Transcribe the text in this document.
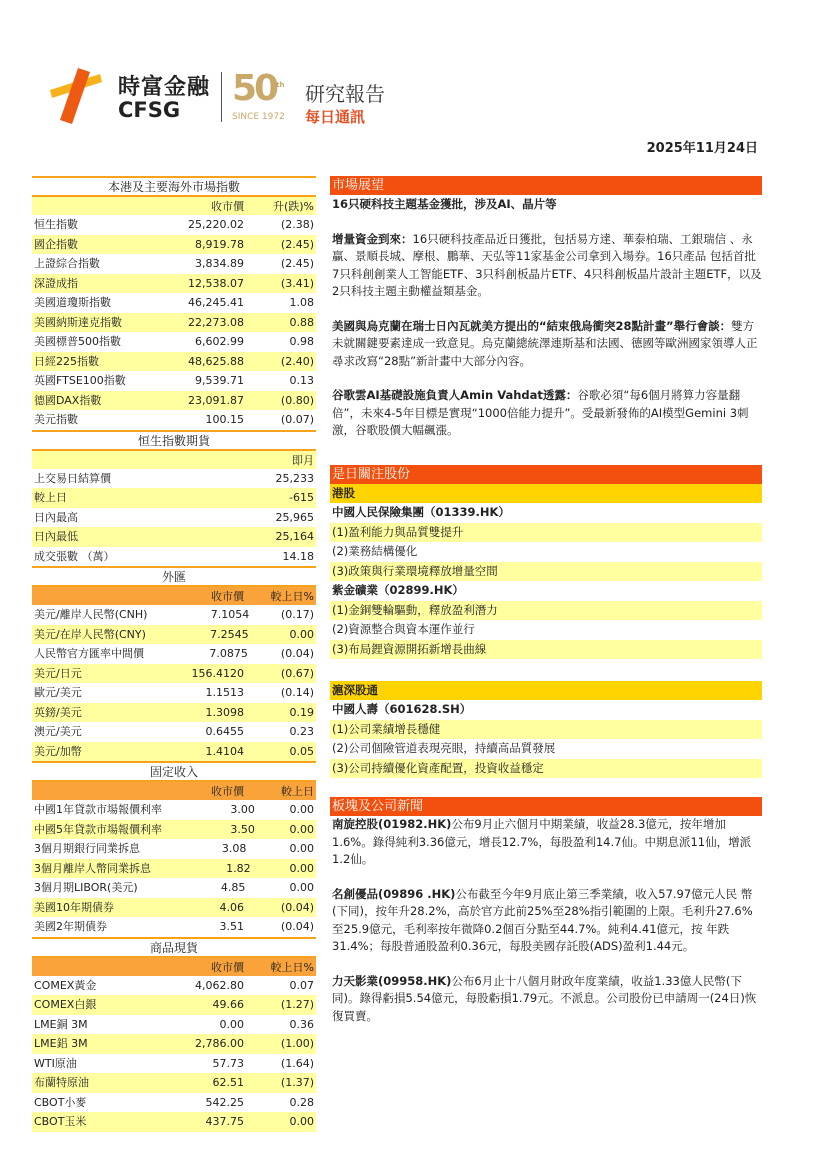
時富金融
CFSG
50th
SINCE 1972
研究報告
每日通訊
2025年11月24日
本港及主要海外市場指數
收市價	升(跌)%
恒生指數	25,220.02	(2.38)
國企指數	8,919.78	(2.45)
上證綜合指數	3,834.89	(2.45)
深證成指	12,538.07	(3.41)
美國道瓊斯指數	46,245.41	1.08
美國納斯達克指數	22,273.08	0.88
美國標普500指數	6,602.99	0.98
日經225指數	48,625.88	(2.40)
英國FTSE100指數	9,539.71	0.13
德國DAX指數	23,091.87	(0.80)
美元指數	100.15	(0.07)
恒生指數期貨
即月
上交易日結算價	25,233
較上日	-615
日內最高	25,965
日內最低	25,164
成交張數 （萬）	14.18
外匯
收市價	較上日%
美元/離岸人民幣(CNH)	7.1054	(0.17)
美元/在岸人民幣(CNY)	7.2545	0.00
人民幣官方匯率中間價	7.0875	(0.04)
美元/日元	156.4120	(0.67)
歐元/美元	1.1513	(0.14)
英鎊/美元	1.3098	0.19
澳元/美元	0.6455	0.23
美元/加幣	1.4104	0.05
固定收入
收市價	較上日
中國1年貸款市場報價利率	3.00	0.00
中國5年貸款市場報價利率	3.50	0.00
3個月期銀行同業拆息	3.08	0.00
3個月離岸人幣同業拆息	1.82	0.00
3個月期LIBOR(美元)	4.85	0.00
美國10年期債券	4.06	(0.04)
美國2年期債券	3.51	(0.04)
商品現貨
收市價	較上日%
COMEX黃金	4,062.80	0.07
COMEX白銀	49.66	(1.27)
LME銅 3M	0.00	0.36
LME鋁 3M	2,786.00	(1.00)
WTI原油	57.73	(1.64)
布蘭特原油	62.51	(1.37)
CBOT小麥	542.25	0.28
CBOT玉米	437.75	0.00
市場展望

16只硬科技主題基金獲批，涉及AI、晶片等

增量資金到來：16只硬科技產品近日獲批，包括易方達、華泰柏瑞、工銀瑞信 、永贏、景順長城、摩根、鵬華、天弘等11家基金公司拿到入場券。16只產品 包括首批7只科創創業人工智能ETF、3只科創板晶片ETF、4只科創板晶片設計主題ETF，以及2只科技主題主動權益類基金。

美國與烏克蘭在瑞士日內瓦就美方提出的“結束俄烏衝突28點計畫”舉行會談：雙方未就關鍵要素達成一致意見。烏克蘭總統澤連斯基和法國、德國等歐洲國家領導人正尋求改寫“28點”新計畫中大部分內容。

谷歌雲AI基礎設施負責人Amin Vahdat透露：谷歌必須“每6個月將算力容量翻倍”，未來4-5年目標是實現“1000倍能力提升”。受最新發佈的AI模型Gemini 3刺激，谷歌股價大幅飆漲。

是日關注股份
港股
中國人民保險集團（01339.HK）
(1)盈利能力與品質雙提升
(2)業務結構優化
(3)政策與行業環境釋放增量空間
紫金礦業（02899.HK）
(1)金銅雙輪驅動，釋放盈利潛力
(2)資源整合與資本運作並行
(3)布局鋰資源開拓新增長曲線
滬深股通
中國人壽（601628.SH）
(1)公司業績增長穩健
(2)公司個險管道表現亮眼，持續高品質發展
(3)公司持續優化資產配置，投資收益穩定
板塊及公司新聞

南旋控股(01982.HK)公布9月止六個月中期業績，收益28.3億元，按年增加1.6%。錄得純利3.36億元，增長12.7%，每股盈利14.7仙。中期息派11仙，增派1.2仙。

名創優品(09896 .HK)公布截至今年9月底止第三季業績，收入57.97億元人民 幣 (下同)，按年升28.2%，高於官方此前25%至28%指引範圍的上限。毛利升27.6%至25.9億元，毛利率按年微降0.2個百分點至44.7%。純利4.41億元，按 年跌31.4%；每股普通股盈利0.36元，每股美國存託股(ADS)盈利1.44元。

力天影業(09958.HK)公布6月止十八個月財政年度業績，收益1.33億人民幣(下同)。錄得虧損5.54億元，每股虧損1.79元。不派息。公司股份已申請周一(24日)恢復買賣。
